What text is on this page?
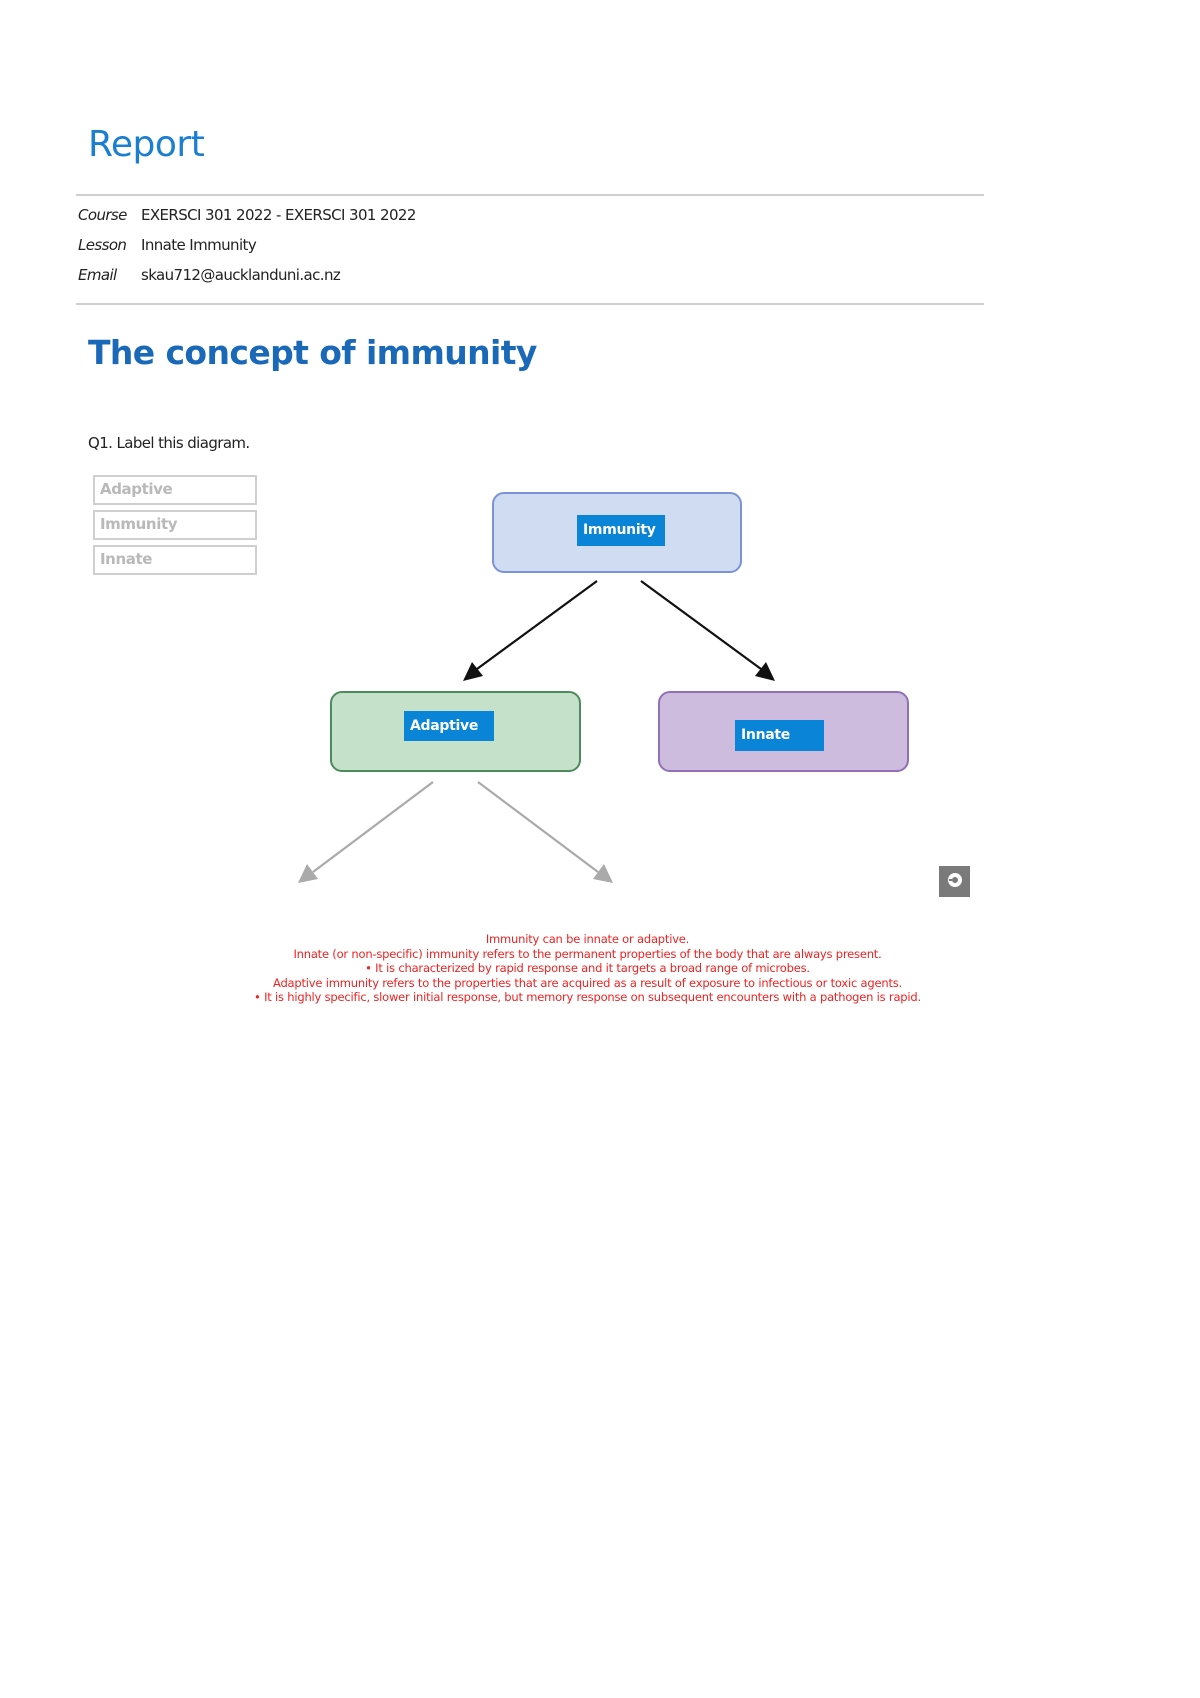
Report
Course EXERSCI 301 2022 - EXERSCI 301 2022
Lesson Innate Immunity
Email	skau712@aucklanduni.ac.nz
The concept of immunity
Q1. Label this diagram.
Adaptive
Immunity
Innate
Immunity
Adaptive
Innate
Immunity can be innate or adaptive.
Innate (or non-specific) immunity refers to the permanent properties of the body that are always present.
• It is characterized by rapid response and it targets a broad range of microbes.
Adaptive immunity refers to the properties that are acquired as a result of exposure to infectious or toxic agents.
• It is highly specific, slower initial response, but memory response on subsequent encounters with a pathogen is rapid.
